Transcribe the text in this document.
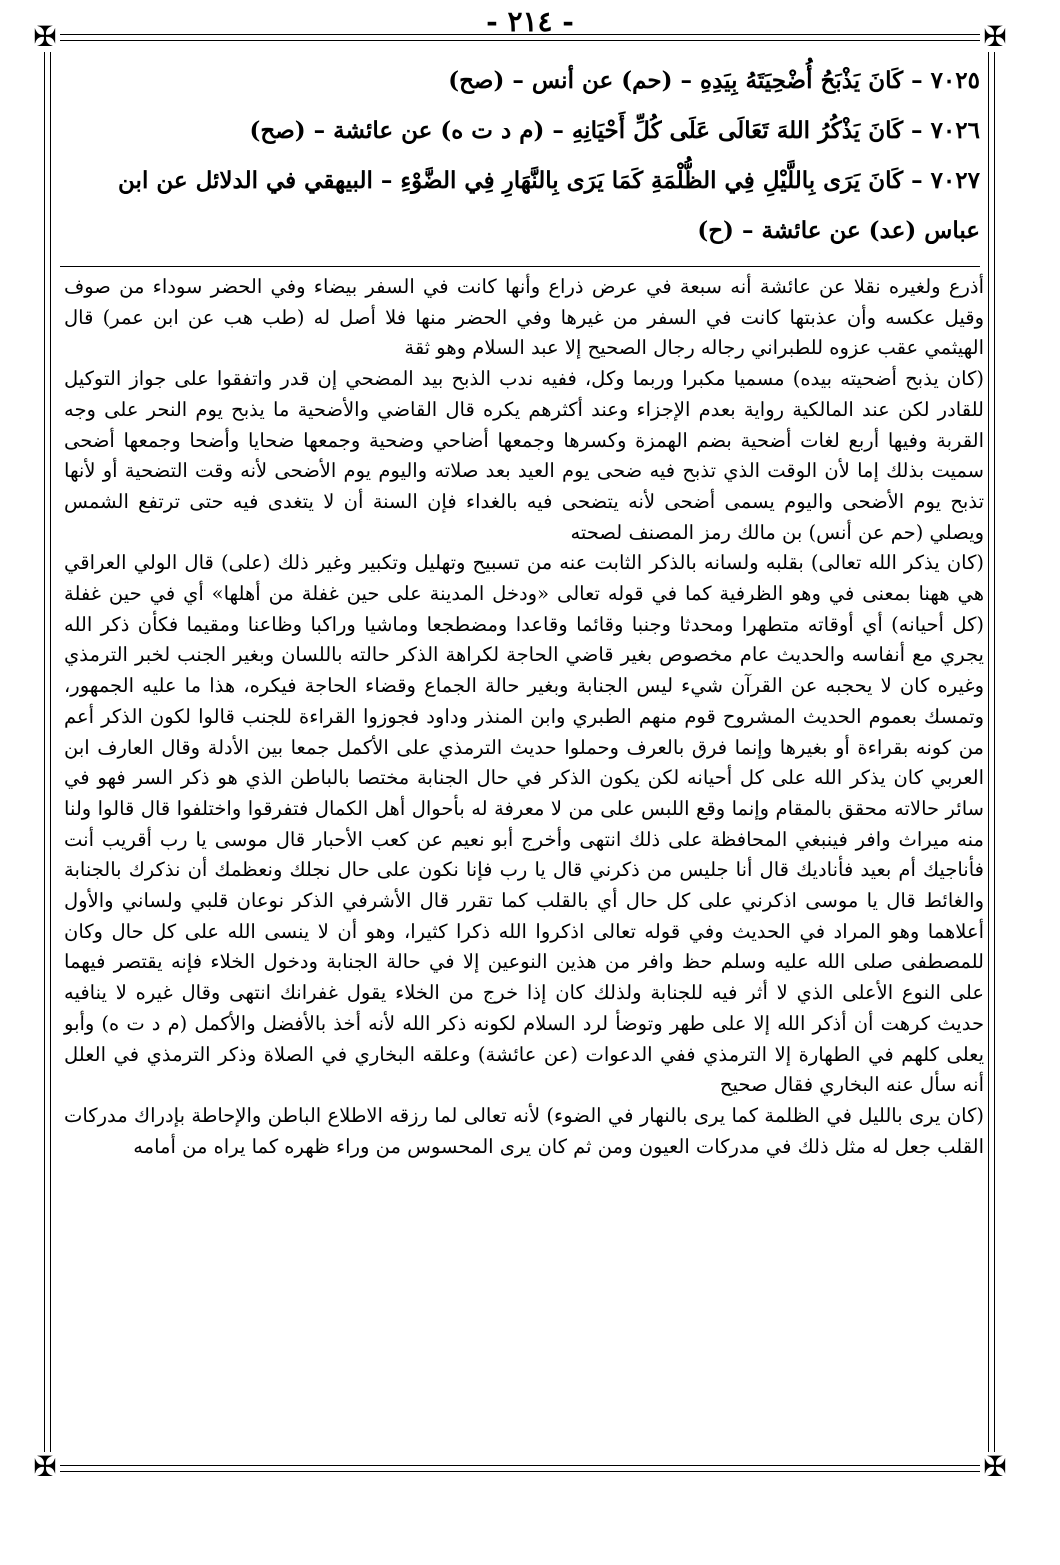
- ٢١٤ -
✠	✠
✠	✠

٧٠٢٥ – كَانَ يَذْبَحُ أُضْحِيَتَهُ بِيَدِهِ – (حم) عن أنس – (صح)

٧٠٢٦ – كَانَ يَذْكُرُ اللهَ تَعَالَى عَلَى كُلِّ أَحْيَانِهِ – (م د ت ه) عن عائشة – (صح)

٧٠٢٧ – كَانَ يَرَى بِاللَّيْلِ فِي الظُّلْمَةِ كَمَا يَرَى بِالنَّهَارِ فِي الضَّوْءِ – البيهقي في الدلائل عن ابن عباس (عد) عن عائشة – (ح)

أذرع ولغيره نقلا عن عائشة أنه سبعة في عرض ذراع وأنها كانت في السفر بيضاء وفي الحضر سوداء من صوف وقيل عكسه وأن عذبتها كانت في السفر من غيرها وفي الحضر منها فلا أصل له (طب هب عن ابن عمر) قال الهيثمي عقب عزوه للطبراني رجاله رجال الصحيح إلا عبد السلام وهو ثقة

(كان يذبح أضحيته بيده) مسميا مكبرا وربما وكل، ففيه ندب الذبح بيد المضحي إن قدر واتفقوا على جواز التوكيل للقادر لكن عند المالكية رواية بعدم الإجزاء وعند أكثرهم يكره قال القاضي والأضحية ما يذبح يوم النحر على وجه القربة وفيها أربع لغات أضحية بضم الهمزة وكسرها وجمعها أضاحي وضحية وجمعها ضحايا وأضحا وجمعها أضحى سميت بذلك إما لأن الوقت الذي تذبح فيه ضحى يوم العيد بعد صلاته واليوم يوم الأضحى لأنه وقت التضحية أو لأنها تذبح يوم الأضحى واليوم يسمى أضحى لأنه يتضحى فيه بالغداء فإن السنة أن لا يتغدى فيه حتى ترتفع الشمس ويصلي (حم عن أنس) بن مالك رمز المصنف لصحته

(كان يذكر الله تعالى) بقلبه ولسانه بالذكر الثابت عنه من تسبيح وتهليل وتكبير وغير ذلك (على) قال الولي العراقي هي ههنا بمعنى في وهو الظرفية كما في قوله تعالى «ودخل المدينة على حين غفلة من أهلها» أي في حين غفلة (كل أحيانه) أي أوقاته متطهرا ومحدثا وجنبا وقائما وقاعدا ومضطجعا وماشيا وراكبا وظاعنا ومقيما فكأن ذكر الله يجري مع أنفاسه والحديث عام مخصوص بغير قاضي الحاجة لكراهة الذكر حالته باللسان وبغير الجنب لخبر الترمذي وغيره كان لا يحجبه عن القرآن شيء ليس الجنابة وبغير حالة الجماع وقضاء الحاجة فيكره، هذا ما عليه الجمهور، وتمسك بعموم الحديث المشروح قوم منهم الطبري وابن المنذر وداود فجوزوا القراءة للجنب قالوا لكون الذكر أعم من كونه بقراءة أو بغيرها وإنما فرق بالعرف وحملوا حديث الترمذي على الأكمل جمعا بين الأدلة وقال العارف ابن العربي كان يذكر الله على كل أحيانه لكن يكون الذكر في حال الجنابة مختصا بالباطن الذي هو ذكر السر فهو في سائر حالاته محقق بالمقام وإنما وقع اللبس على من لا معرفة له بأحوال أهل الكمال فتفرقوا واختلفوا قال قالوا ولنا منه ميراث وافر فينبغي المحافظة على ذلك انتهى وأخرج أبو نعيم عن كعب الأحبار قال موسى يا رب أقريب أنت فأناجيك أم بعيد فأناديك قال أنا جليس من ذكرني قال يا رب فإنا نكون على حال نجلك ونعظمك أن نذكرك بالجنابة والغائط قال يا موسى اذكرني على كل حال أي بالقلب كما تقرر قال الأشرفي الذكر نوعان قلبي ولساني والأول أعلاهما وهو المراد في الحديث وفي قوله تعالى اذكروا الله ذكرا كثيرا، وهو أن لا ينسى الله على كل حال وكان للمصطفى صلى الله عليه وسلم حظ وافر من هذين النوعين إلا في حالة الجنابة ودخول الخلاء فإنه يقتصر فيهما على النوع الأعلى الذي لا أثر فيه للجنابة ولذلك كان إذا خرج من الخلاء يقول غفرانك انتهى وقال غيره لا ينافيه حديث كرهت أن أذكر الله إلا على طهر وتوضأ لرد السلام لكونه ذكر الله لأنه أخذ بالأفضل والأكمل (م د ت ه) وأبو يعلى كلهم في الطهارة إلا الترمذي ففي الدعوات (عن عائشة) وعلقه البخاري في الصلاة وذكر الترمذي في العلل أنه سأل عنه البخاري فقال صحيح

(كان يرى بالليل في الظلمة كما يرى بالنهار في الضوء) لأنه تعالى لما رزقه الاطلاع الباطن والإحاطة بإدراك مدركات القلب جعل له مثل ذلك في مدركات العيون ومن ثم كان يرى المحسوس من وراء ظهره كما يراه من أمامه
